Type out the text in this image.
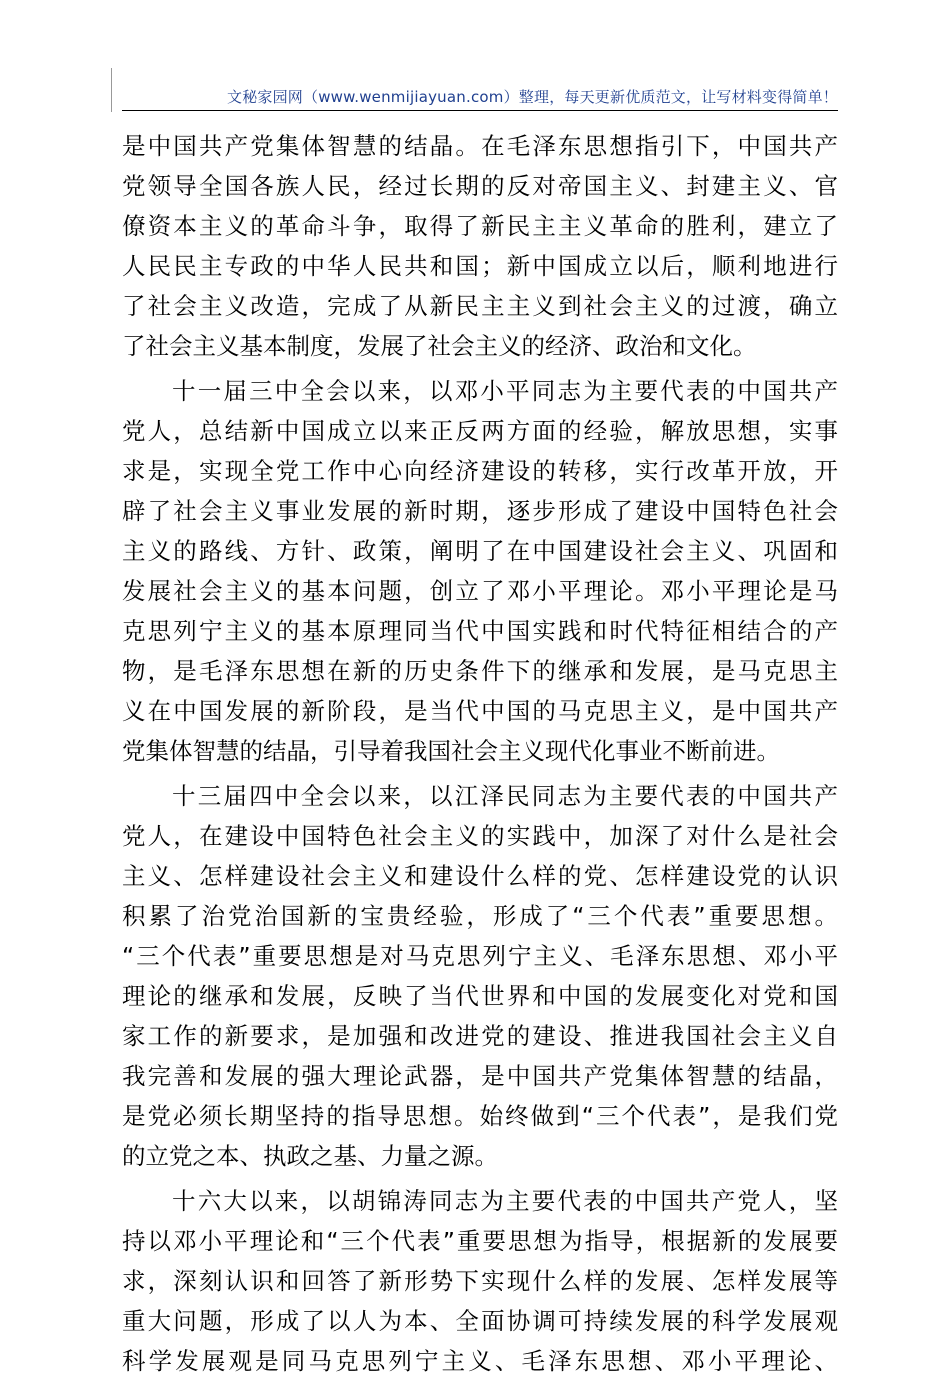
文秘家园网（www.wenmijiayuan.com）整理，每天更新优质范文，让写材料变得简单！
是中国共产党集体智慧的结晶。在毛泽东思想指引下，中国共产
党领导全国各族人民，经过长期的反对帝国主义、封建主义、官
僚资本主义的革命斗争，取得了新民主主义革命的胜利，建立了
人民民主专政的中华人民共和国；新中国成立以后，顺利地进行
了社会主义改造，完成了从新民主主义到社会主义的过渡，确立
了社会主义基本制度，发展了社会主义的经济、政治和文化。
十一届三中全会以来，以邓小平同志为主要代表的中国共产
党人，总结新中国成立以来正反两方面的经验，解放思想，实事
求是，实现全党工作中心向经济建设的转移，实行改革开放，开
辟了社会主义事业发展的新时期，逐步形成了建设中国特色社会
主义的路线、方针、政策，阐明了在中国建设社会主义、巩固和
发展社会主义的基本问题，创立了邓小平理论。邓小平理论是马
克思列宁主义的基本原理同当代中国实践和时代特征相结合的产
物，是毛泽东思想在新的历史条件下的继承和发展，是马克思主
义在中国发展的新阶段，是当代中国的马克思主义，是中国共产
党集体智慧的结晶，引导着我国社会主义现代化事业不断前进。
十三届四中全会以来，以江泽民同志为主要代表的中国共产
党人，在建设中国特色社会主义的实践中，加深了对什么是社会
主义、怎样建设社会主义和建设什么样的党、怎样建设党的认识
积累了治党治国新的宝贵经验，形成了“三个代表”重要思想。
“三个代表”重要思想是对马克思列宁主义、毛泽东思想、邓小平
理论的继承和发展，反映了当代世界和中国的发展变化对党和国
家工作的新要求，是加强和改进党的建设、推进我国社会主义自
我完善和发展的强大理论武器，是中国共产党集体智慧的结晶，
是党必须长期坚持的指导思想。始终做到“三个代表”，是我们党
的立党之本、执政之基、力量之源。
十六大以来，以胡锦涛同志为主要代表的中国共产党人，坚
持以邓小平理论和“三个代表”重要思想为指导，根据新的发展要
求，深刻认识和回答了新形势下实现什么样的发展、怎样发展等
重大问题，形成了以人为本、全面协调可持续发展的科学发展观
科学发展观是同马克思列宁主义、毛泽东思想、邓小平理论、
